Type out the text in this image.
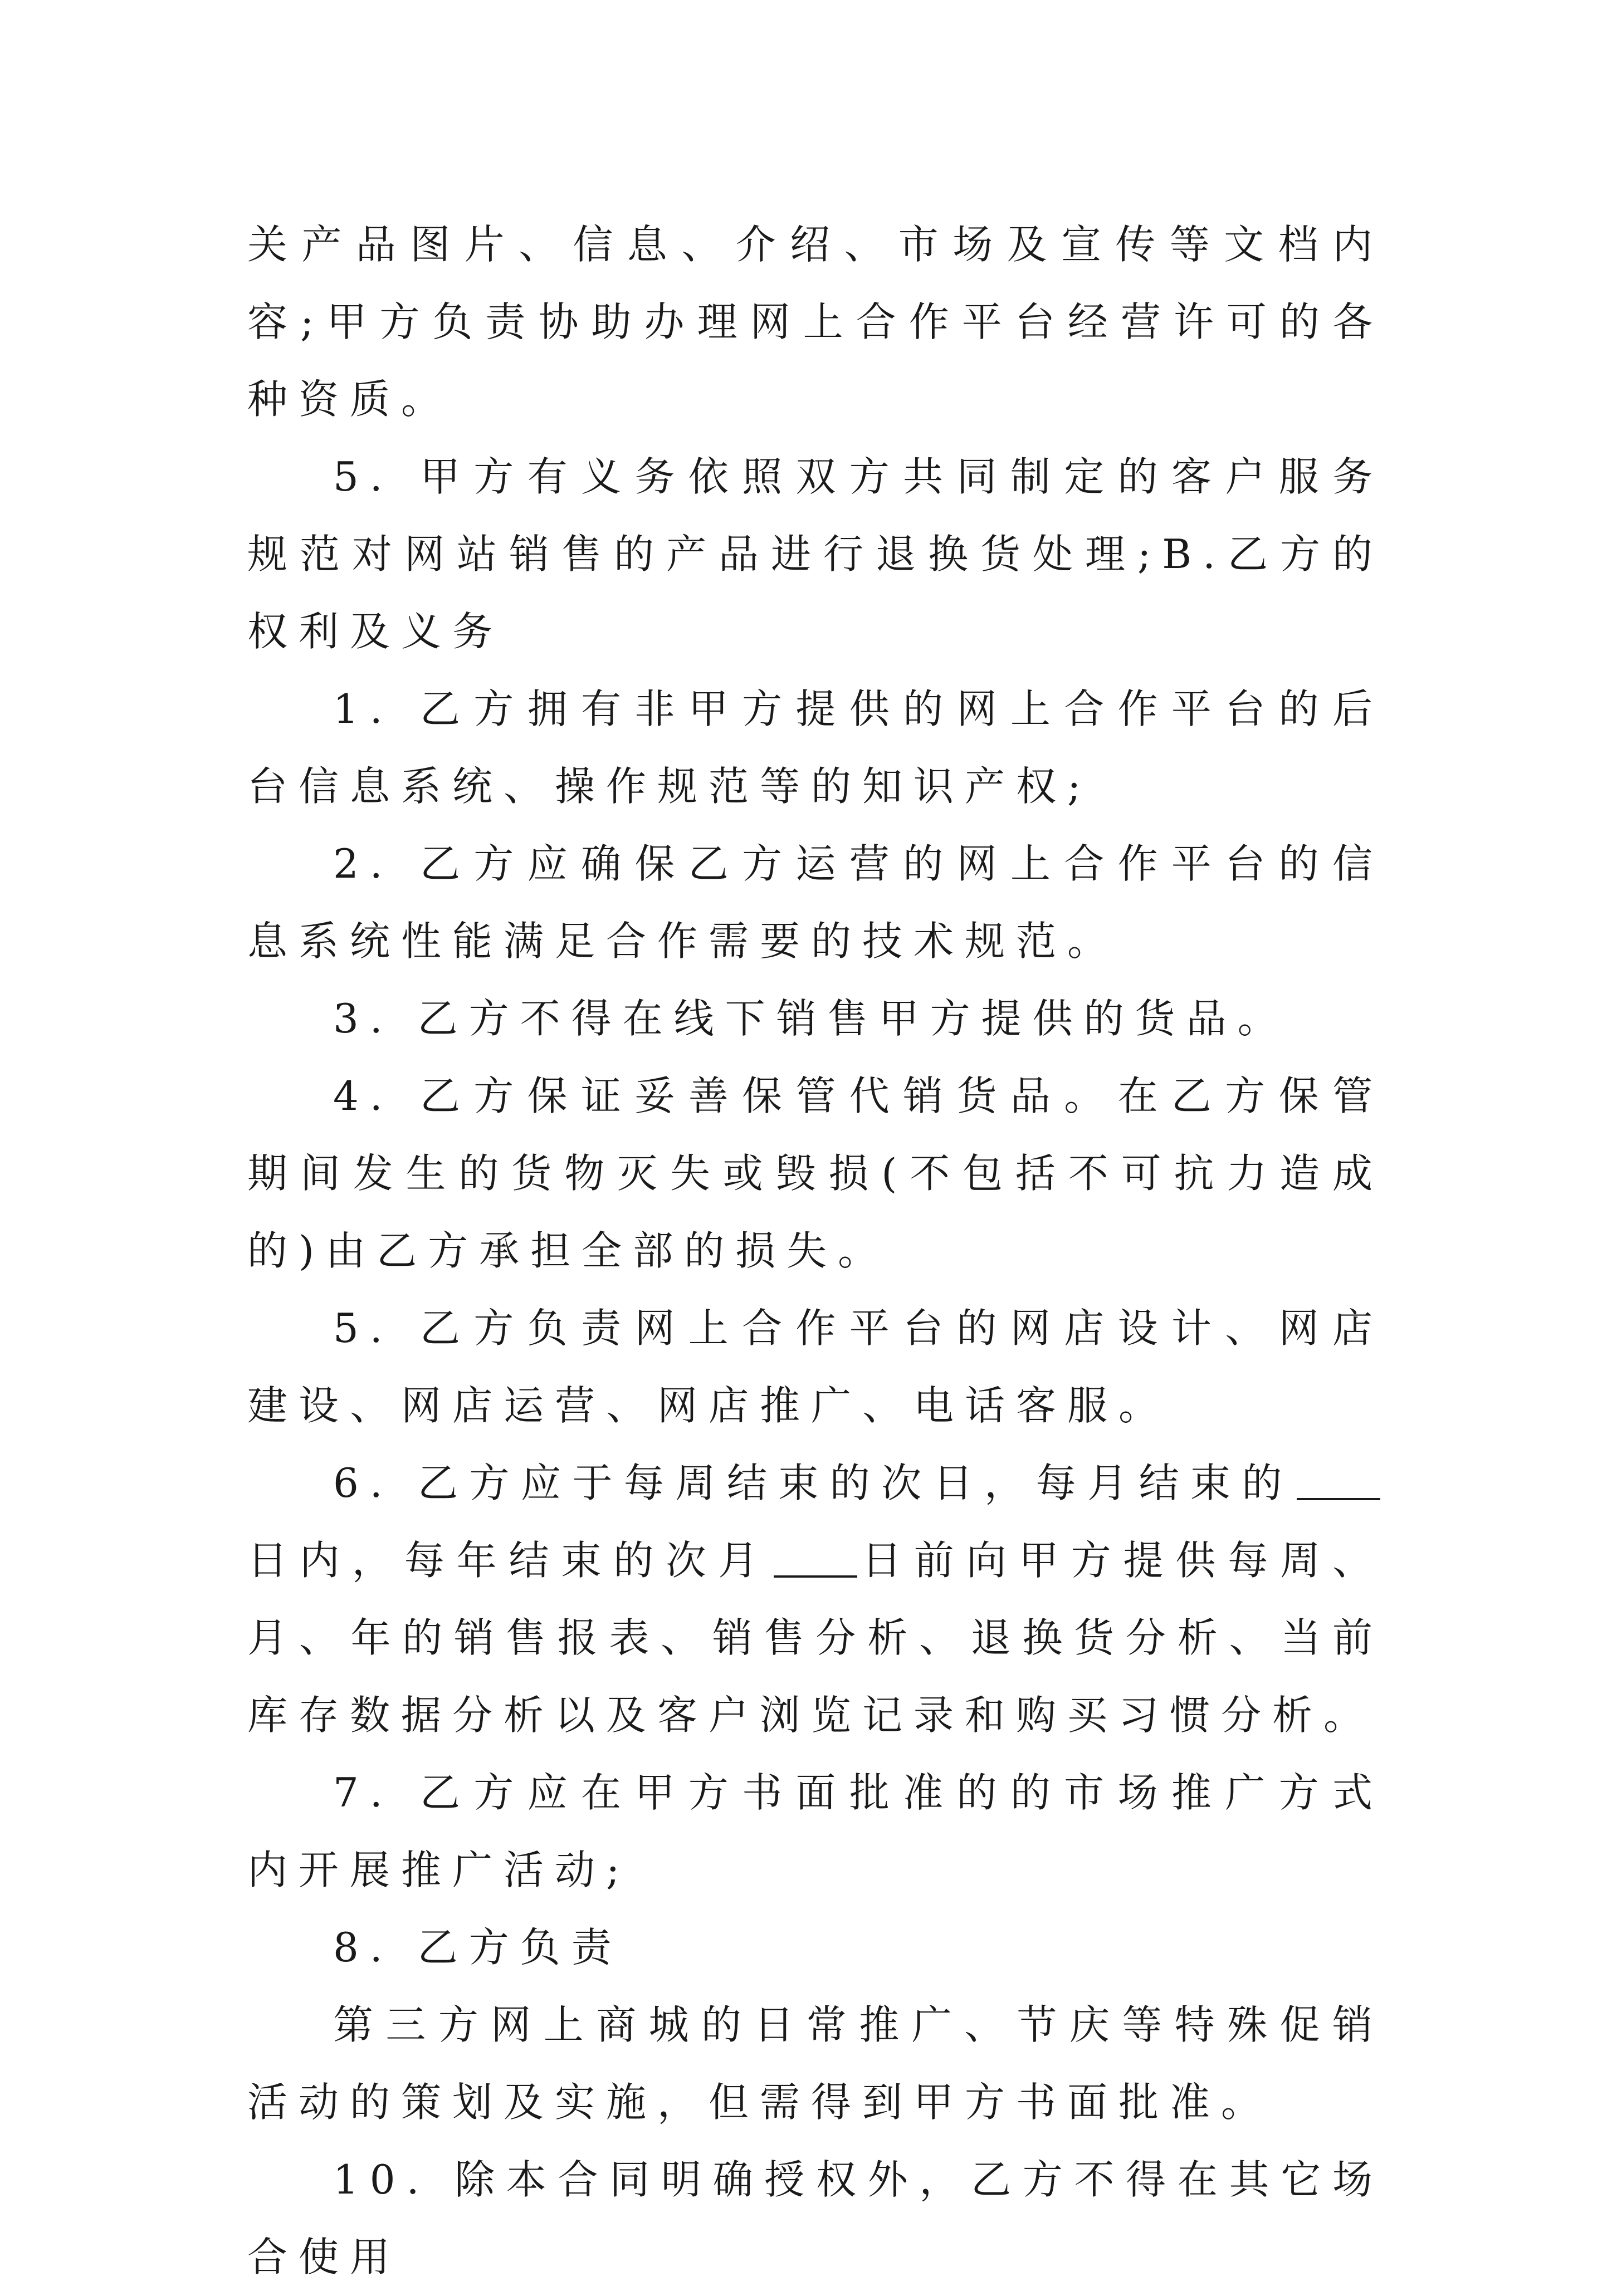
关产品图片、信息、介绍、市场及宣传等文档内容;甲方负责协助办理网上合作平台经营许可的各种资质。

5. 甲方有义务依照双方共同制定的客户服务规范对网站销售的产品进行退换货处理;B.乙方的权利及义务

1. 乙方拥有非甲方提供的网上合作平台的后台信息系统、操作规范等的知识产权;

2. 乙方应确保乙方运营的网上合作平台的信息系统性能满足合作需要的技术规范。

3. 乙方不得在线下销售甲方提供的货品。

4. 乙方保证妥善保管代销货品。在乙方保管期间发生的货物灭失或毁损(不包括不可抗力造成的)由乙方承担全部的损失。

5. 乙方负责网上合作平台的网店设计、网店建设、网店运营、网店推广、电话客服。

6. 乙方应于每周结束的次日，每月结束的日内，每年结束的次月 日前向甲方提供每周、月、年的销售报表、销售分析、退换货分析、当前库存数据分析以及客户浏览记录和购买习惯分析。

7. 乙方应在甲方书面批准的的市场推广方式内开展推广活动;

8. 乙方负责

第三方网上商城的日常推广、节庆等特殊促销活动的策划及实施，但需得到甲方书面批准。

10. 除本合同明确授权外，乙方不得在其它场合使用
